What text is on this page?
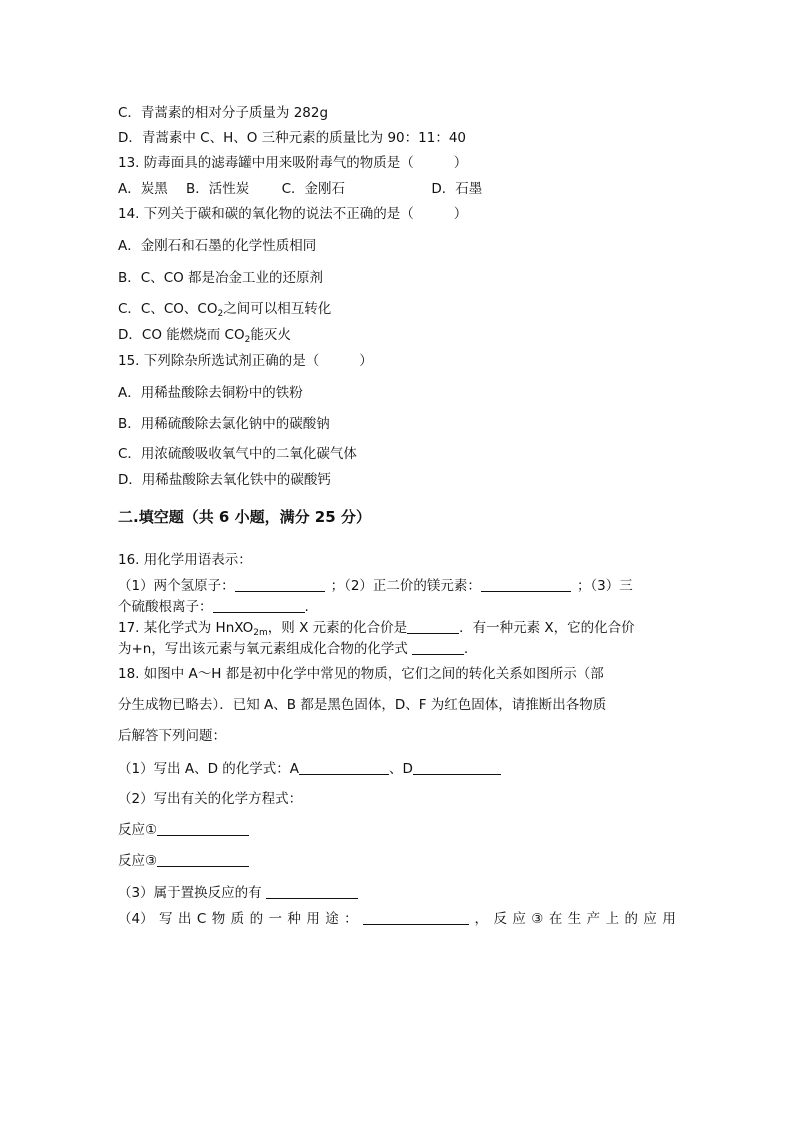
C．青蒿素的相对分子质量为 282g
D．青蒿素中 C、H、O 三种元素的质量比为 90：11：40
13. 防毒面具的滤毒罐中用来吸附毒气的物质是（	）
A．炭黑 B．活性炭 C．金刚石	D．石墨
14. 下列关于碳和碳的氧化物的说法不正确的是（	）
A．金刚石和石墨的化学性质相同
B．C、CO 都是冶金工业的还原剂
C．C、CO、$CO_2$之间可以相互转化
D．CO 能燃烧而 $CO_2$能灭火
15. 下列除杂所选试剂正确的是（	）
A．用稀盐酸除去铜粉中的铁粉
B．用稀硫酸除去氯化钠中的碳酸钠
C．用浓硫酸吸收氧气中的二氧化碳气体
D．用稀盐酸除去氧化铁中的碳酸钙
二.填空题（共 6 小题，满分 25 分）
16. 用化学用语表示：
（1）两个氢原子：	；（2）正二价的镁元素：	；（3）三
个硫酸根离子：	.
17. 某化学式为 HnXO$_{2m}$，则 X 元素的化合价是	．有一种元素 X，它的化合价
为+n，写出该元素与氧元素组成化合物的化学式	.
18. 如图中 A～H 都是初中化学中常见的物质，它们之间的转化关系如图所示（部
分生成物已略去）．已知 A、B 都是黑色固体，D、F 为红色固体，请推断出各物质
后解答下列问题：
（1）写出 A、D 的化学式：A	、D
（2）写出有关的化学方程式：
反应①
反应③
（3）属于置换反应的有
（4） 写 出 C 物 质 的 一 种 用 途 ：	， 反 应 ③ 在 生 产 上 的 应 用
